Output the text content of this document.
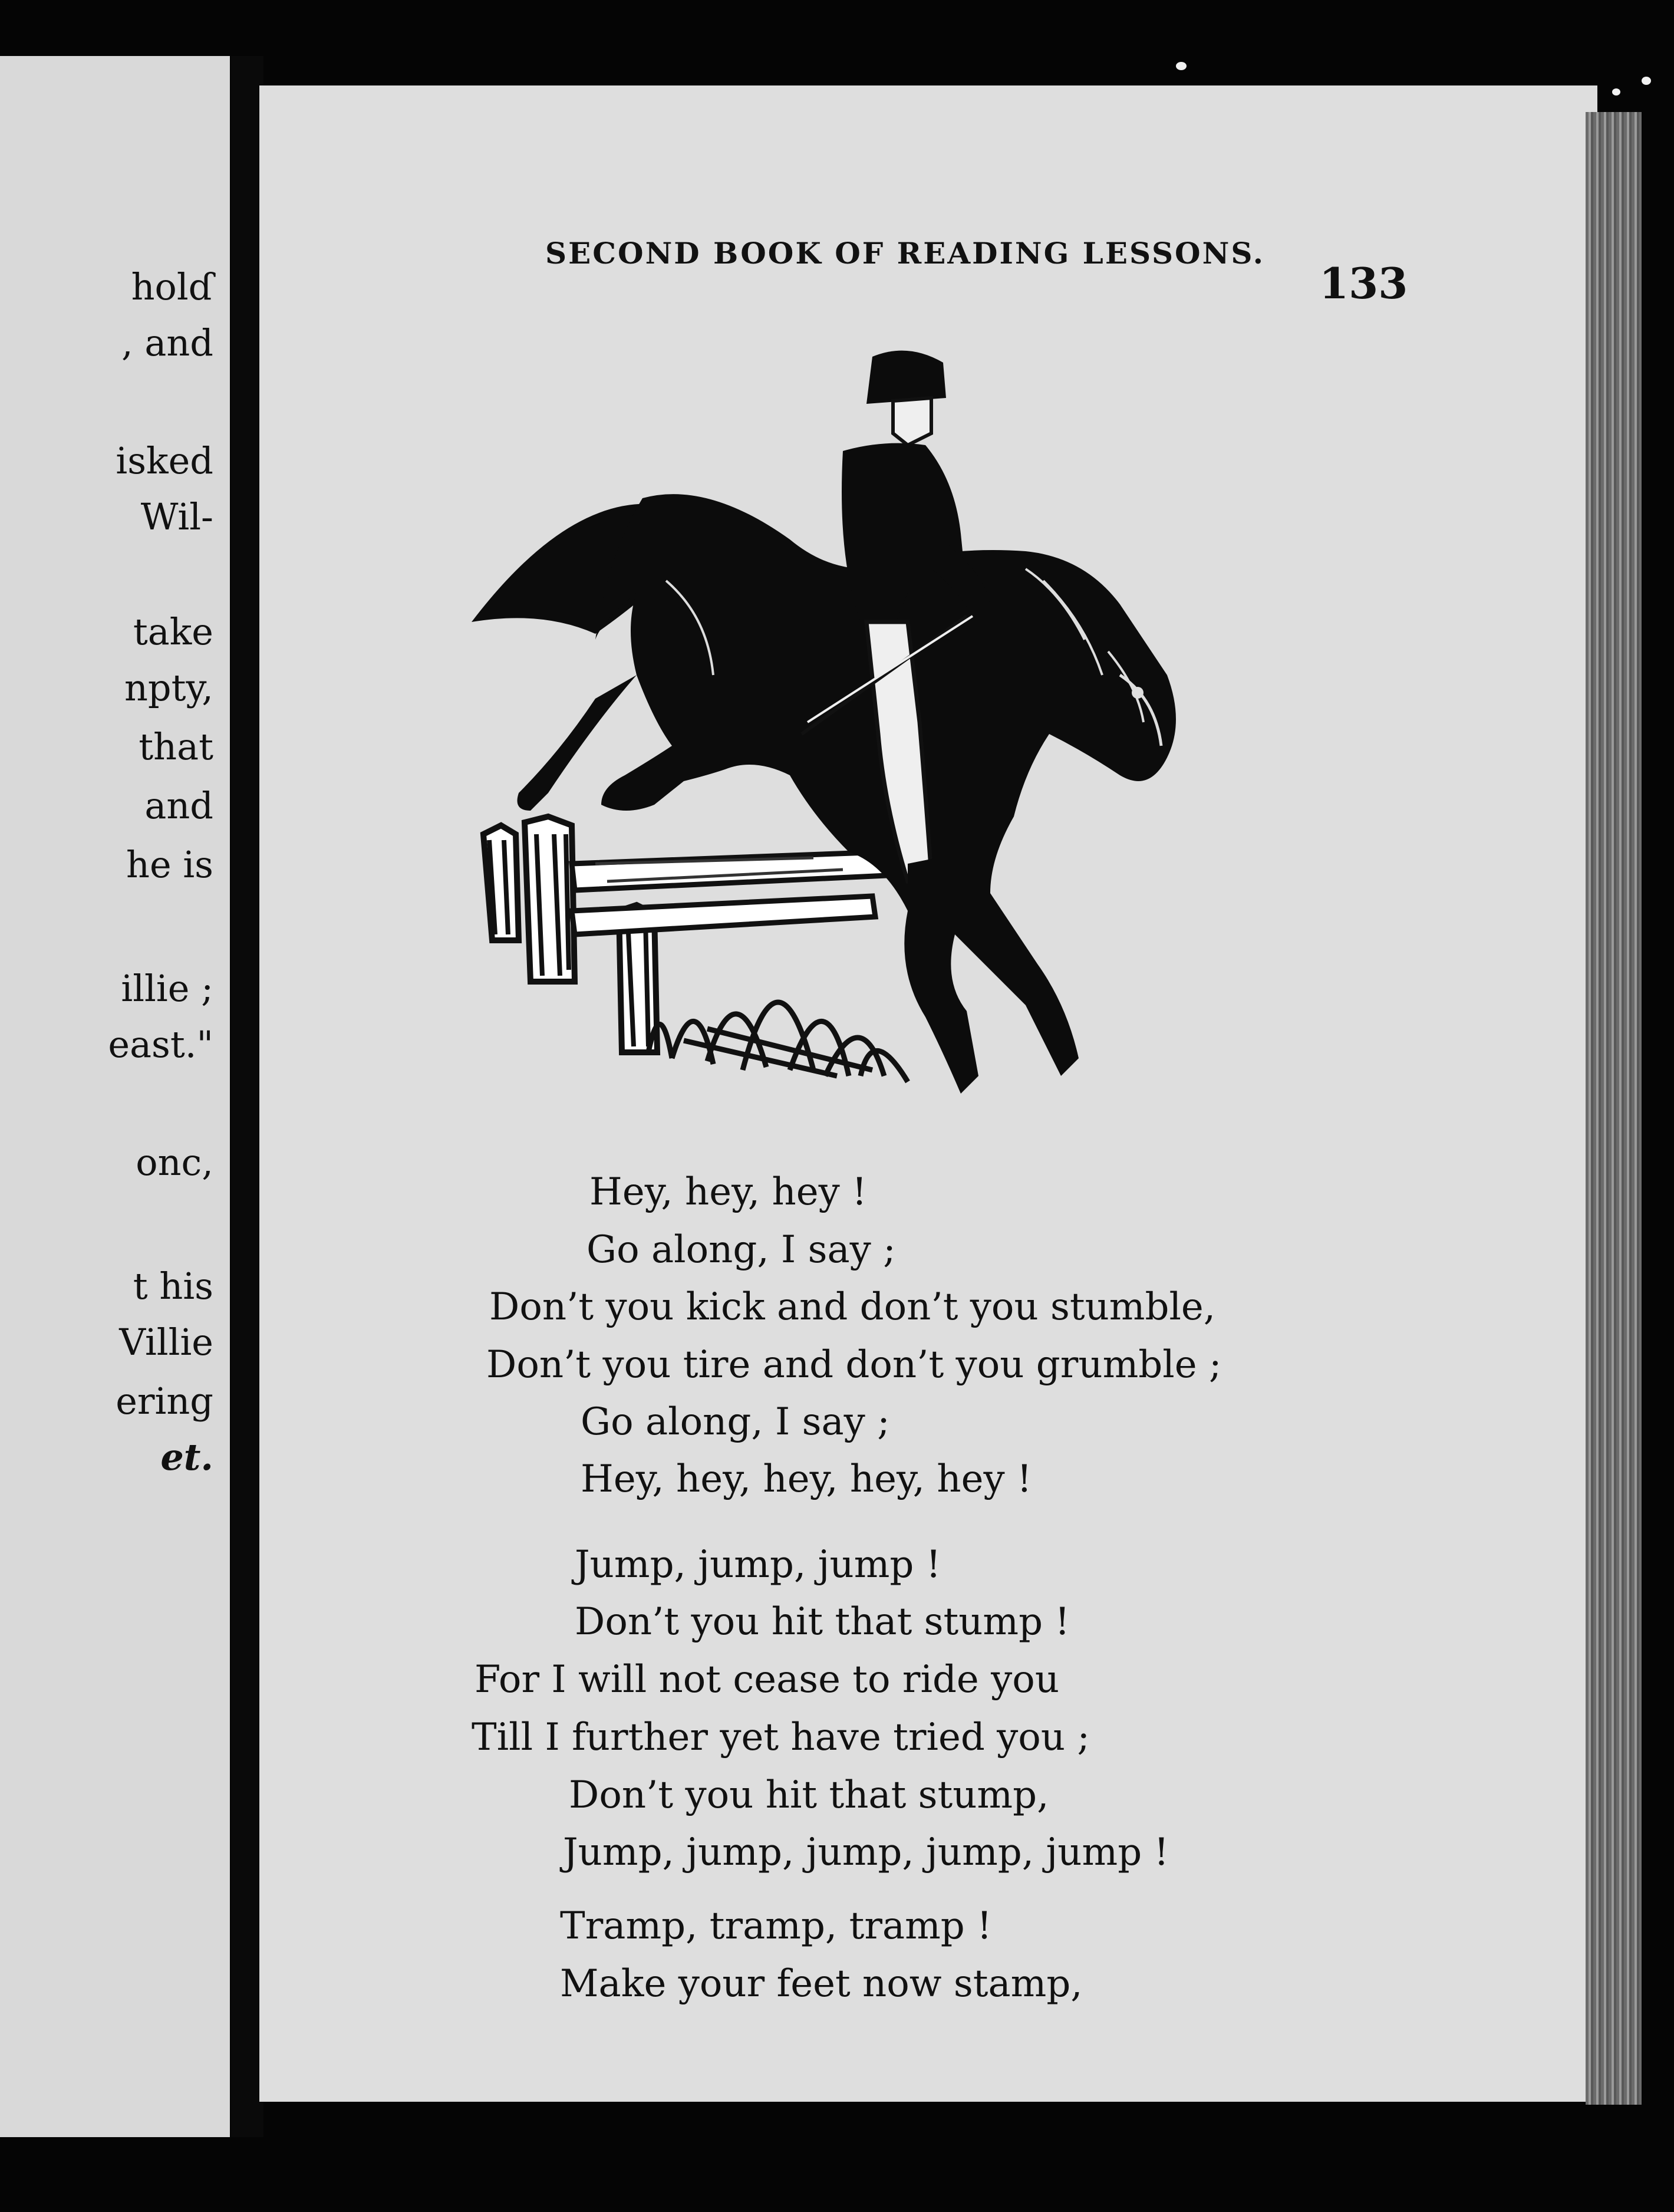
holɗ
, and
isked
Wil-
take
npty,
that
and
he is
illie ;
east."
onc,
t his
Villie
ering
et.
SECOND BOOK OF READING LESSONS.
133
Hey, hey, hey !
Go along, I say ;
Don’t you kick and don’t you stumble,
Don’t you tire and don’t you grumble ;
Go along, I say ;
Hey, hey, hey, hey, hey !
Jump, jump, jump !
Don’t you hit that stump !
For I will not cease to ride you
Till I further yet have tried you ;
Don’t you hit that stump,
Jump, jump, jump, jump, jump !
Tramp, tramp, tramp !
Make your feet now stamp,
